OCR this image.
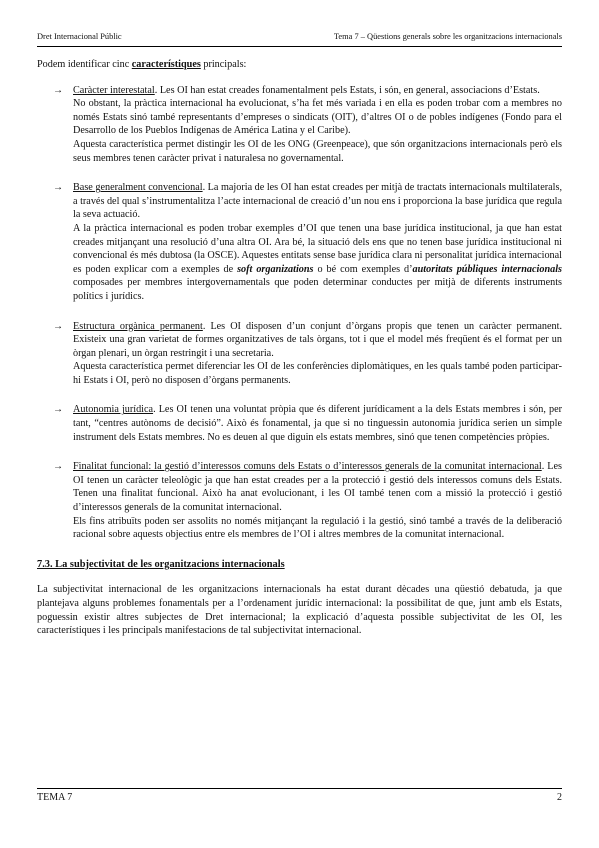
Dret Internacional Públic	Tema 7 – Qüestions generals sobre les organitzacions internacionals

Podem identificar cinc característiques principals:

→ Caràcter interestatal. Les OI han estat creades fonamentalment pels Estats, i són, en general, associacions d’Estats.

No obstant, la pràctica internacional ha evolucionat, s’ha fet més variada i en ella es poden trobar com a membres no només Estats sinó també representants d’empreses o sindicats (OIT), d’altres OI o de pobles indígenes (Fondo para el Desarrollo de los Pueblos Indígenas de América Latina y el Caribe).

Aquesta característica permet distingir les OI de les ONG (Greenpeace), que són organitzacions internacionals però els seus membres tenen caràcter privat i naturalesa no governamental.

→ Base generalment convencional. La majoria de les OI han estat creades per mitjà de tractats internacionals multilaterals, a través del qual s’instrumentalitza l’acte internacional de creació d’un nou ens i proporciona la base jurídica que regula la seva actuació.

A la pràctica internacional es poden trobar exemples d’OI que tenen una base jurídica institucional, ja que han estat creades mitjançant una resolució d’una altra OI. Ara bé, la situació dels ens que no tenen base jurídica institucional ni convencional és més dubtosa (la OSCE). Aquestes entitats sense base jurídica clara ni personalitat jurídica internacional es poden explicar com a exemples de soft organizations o bé com exemples d’autoritats públiques internacionals composades per membres intergovernamentals que poden determinar conductes per mitjà de diferents instruments polítics i jurídics.

→ Estructura orgànica permanent. Les OI disposen d’un conjunt d’òrgans propis que tenen un caràcter permanent. Existeix una gran varietat de formes organitzatives de tals òrgans, tot i que el model més freqüent és el format per un òrgan plenari, un òrgan restringit i una secretaria.

Aquesta característica permet diferenciar les OI de les conferències diplomàtiques, en les quals també poden participar-hi Estats i OI, però no disposen d’òrgans permanents.

→ Autonomia jurídica. Les OI tenen una voluntat pròpia que és diferent jurídicament a la dels Estats membres i són, per tant, “centres autònoms de decisió”. Això és fonamental, ja que si no tinguessin autonomia jurídica serien un simple instrument dels Estats membres. No es deuen al que diguin els estats membres, sinó que tenen competències pròpies.

→ Finalitat funcional: la gestió d’interessos comuns dels Estats o d’interessos generals de la comunitat internacional. Les OI tenen un caràcter teleològic ja que han estat creades per a la protecció i gestió dels interessos comuns dels Estats. Tenen una finalitat funcional. Això ha anat evolucionant, i les OI també tenen com a missió la protecció i gestió d’interessos generals de la comunitat internacional.

Els fins atribuïts poden ser assolits no només mitjançant la regulació i la gestió, sinó també a través de la deliberació racional sobre aquests objectius entre els membres de l’OI i altres membres de la comunitat internacional.

7.3. La subjectivitat de les organitzacions internacionals

La subjectivitat internacional de les organitzacions internacionals ha estat durant dècades una qüestió debatuda, ja que plantejava alguns problemes fonamentals per a l’ordenament jurídic internacional: la possibilitat de que, junt amb els Estats, poguessin existir altres subjectes de Dret internacional; la explicació d’aquesta possible subjectivitat de les OI, les característiques i les principals manifestacions de tal subjectivitat internacional.

TEMA 7	2
